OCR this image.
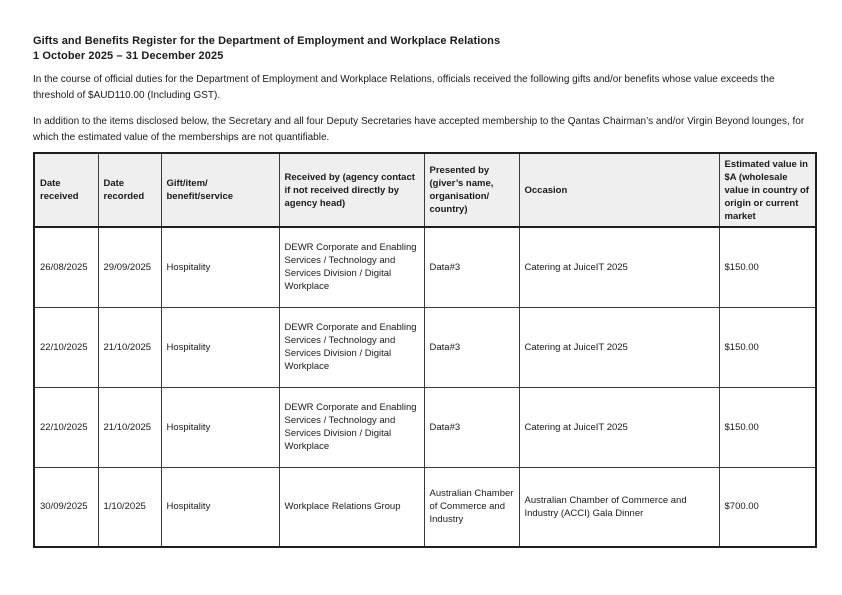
Gifts and Benefits Register for the Department of Employment and Workplace Relations
1 October 2025 – 31 December 2025

In the course of official duties for the Department of Employment and Workplace Relations, officials received the following gifts and/or benefits whose value exceeds the threshold of $AUD110.00 (Including GST).

In addition to the items disclosed below, the Secretary and all four Deputy Secretaries have accepted membership to the Qantas Chairman’s and/or Virgin Beyond lounges, for which the estimated value of the memberships are not quantifiable.

Date received	Date recorded	Gift/item/ benefit/service	Received by (agency contact if not received directly by agency head)	Presented by (giver’s name, organisation/ country)	Occasion	Estimated value in $A (wholesale value in country of origin or current market
26/08/2025	29/09/2025	Hospitality	DEWR Corporate and Enabling Services / Technology and Services Division / Digital Workplace	Data#3	Catering at JuiceIT 2025	$150.00
22/10/2025	21/10/2025	Hospitality	DEWR Corporate and Enabling Services / Technology and Services Division / Digital Workplace	Data#3	Catering at JuiceIT 2025	$150.00
22/10/2025	21/10/2025	Hospitality	DEWR Corporate and Enabling Services / Technology and Services Division / Digital Workplace	Data#3	Catering at JuiceIT 2025	$150.00
30/09/2025	1/10/2025	Hospitality	Workplace Relations Group	Australian Chamber of Commerce and Industry	Australian Chamber of Commerce and Industry (ACCI) Gala Dinner	$700.00
